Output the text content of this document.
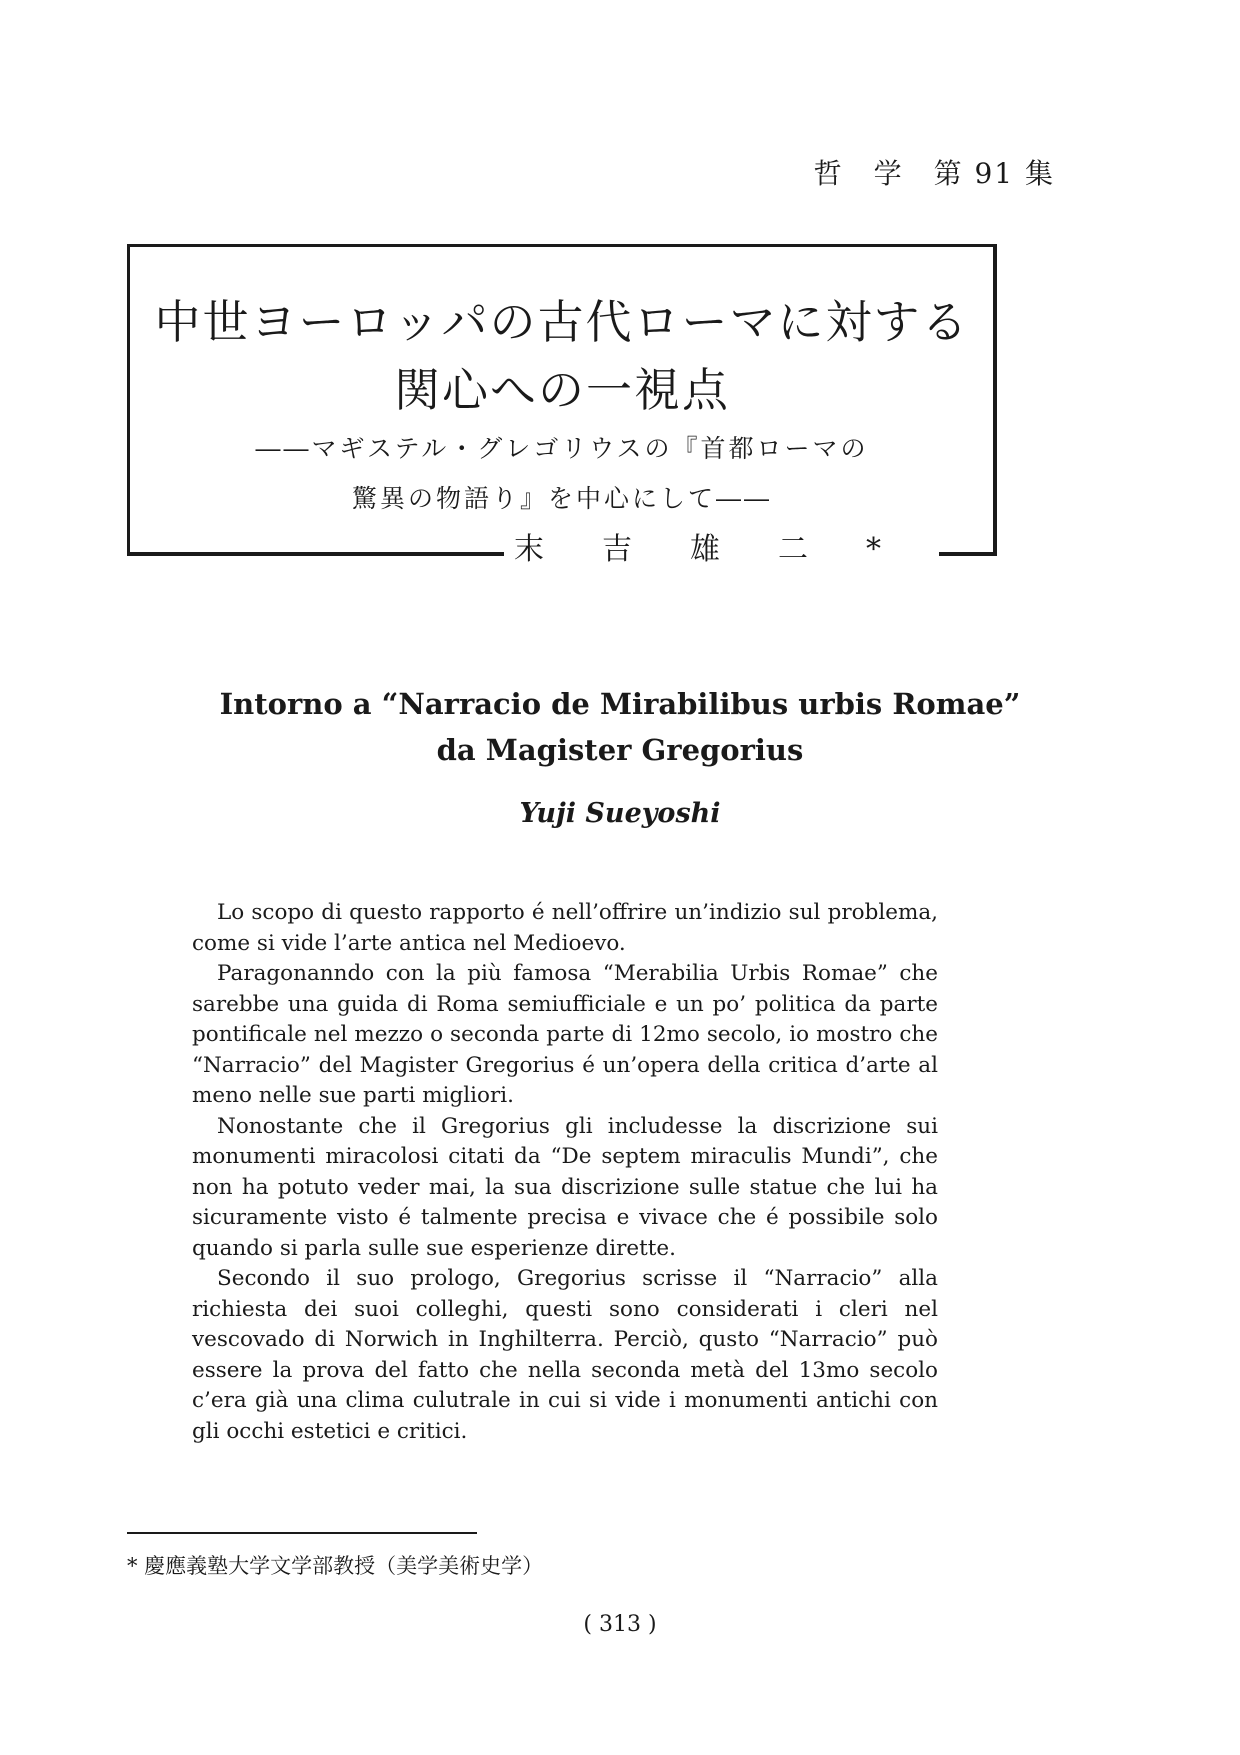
哲　学　第 91 集
中世ヨーロッパの古代ローマに対する
関心への一視点
――マギステル・グレゴリウスの『首都ローマの
驚異の物語り』を中心にして――
末吉雄二*
Intorno a “Narracio de Mirabilibus urbis Romae”
da Magister Gregorius
Yuji Sueyoshi

Lo scopo di questo rapporto é nell’offrire un’indizio sul problema, come si vide l’arte antica nel Medioevo.

Paragonanndo con la più famosa “Merabilia Urbis Romae” che sarebbe una guida di Roma semiufficiale e un po’ politica da parte pontificale nel mezzo o seconda parte di 12mo secolo, io mostro che “Narracio” del Magister Gregorius é un’opera della critica d’arte al meno nelle sue parti migliori.

Nonostante che il Gregorius gli includesse la discrizione sui monumenti miracolosi citati da “De septem miraculis Mundi”, che non ha potuto veder mai, la sua discrizione sulle statue che lui ha sicuramente visto é talmente precisa e vivace che é possibile solo quando si parla sulle sue esperienze dirette.

Secondo il suo prologo, Gregorius scrisse il “Narracio” alla richiesta dei suoi colleghi, questi sono considerati i cleri nel vescovado di Norwich in Inghilterra. Perciò, qusto “Narracio” può essere la prova del fatto che nella seconda metà del 13mo secolo c’era già una clima culutrale in cui si vide i monumenti antichi con gli occhi estetici e critici.

* 慶應義塾大学文学部教授（美学美術史学）
( 313 )
